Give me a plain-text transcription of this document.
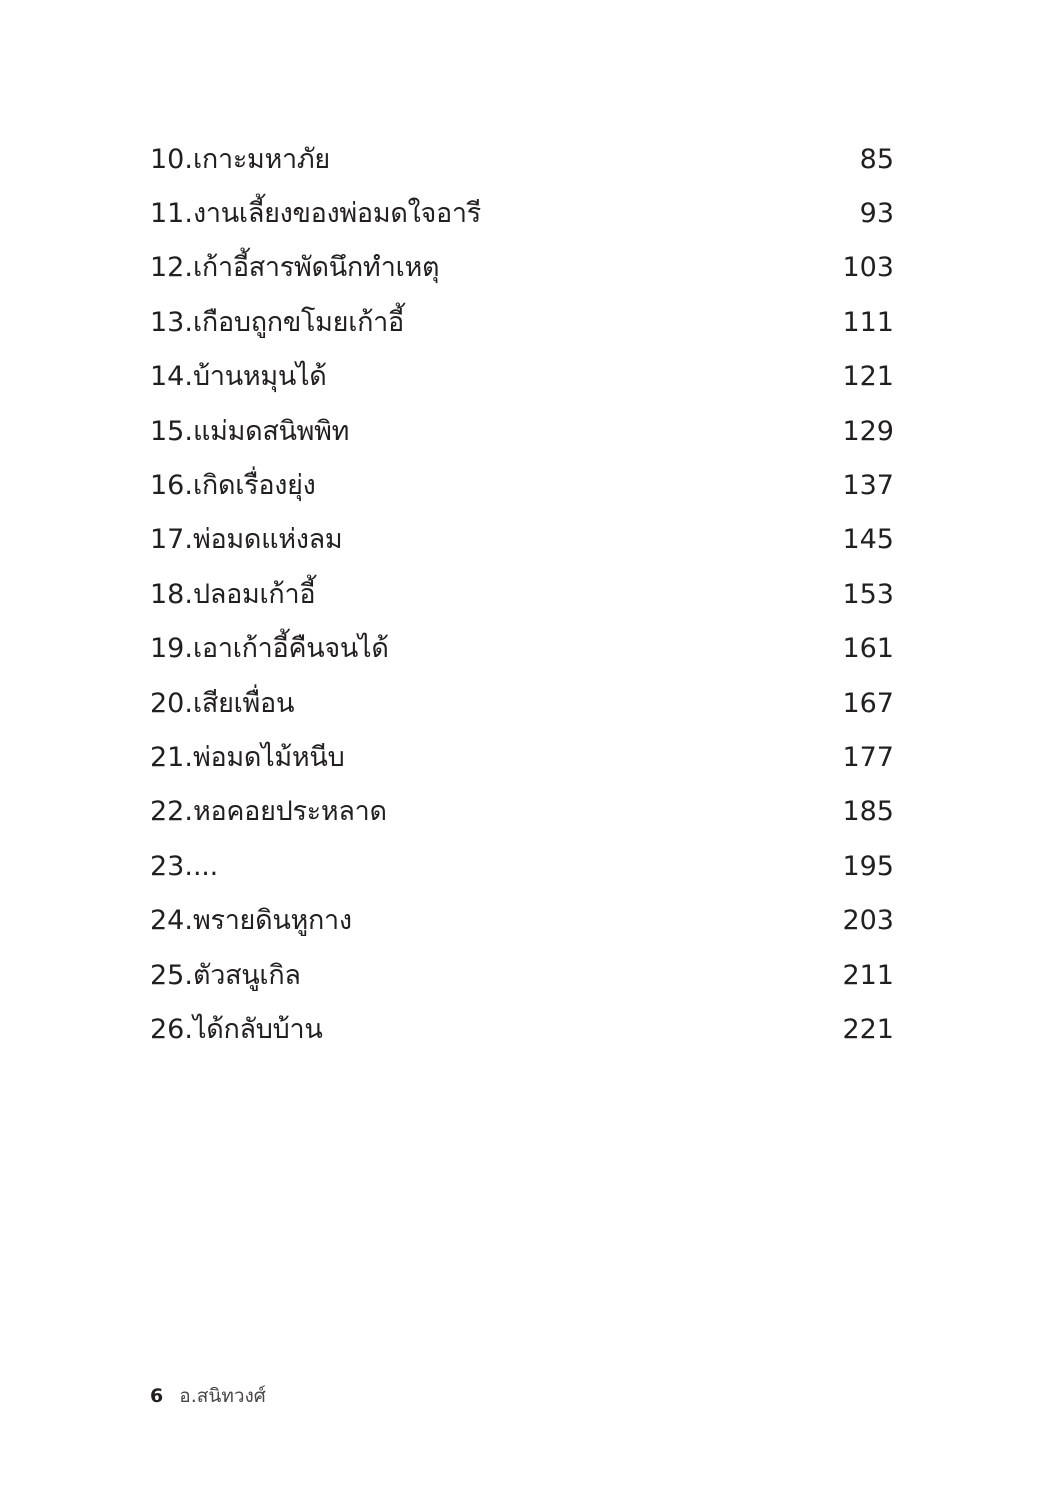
10. เกาะมหาภัย	85
11. งานเลี้ยงของพ่อมดใจอารี	93
12. เก้าอี้สารพัดนึกทำเหตุ	103
13. เกือบถูกขโมยเก้าอี้	111
14. บ้านหมุนได้	121
15. แม่มดสนิพพิท	129
16. เกิดเรื่องยุ่ง	137
17. พ่อมดแห่งลม	145
18. ปลอมเก้าอี้	153
19. เอาเก้าอี้คืนจนได้	161
20. เสียเพื่อน	167
21. พ่อมดไม้หนีบ	177
22. หอคอยประหลาด	185
23. ...	195
24. พรายดินหูกาง	203
25. ตัวสนูเกิล	211
26. ได้กลับบ้าน	221
6 อ.สนิทวงศ์
